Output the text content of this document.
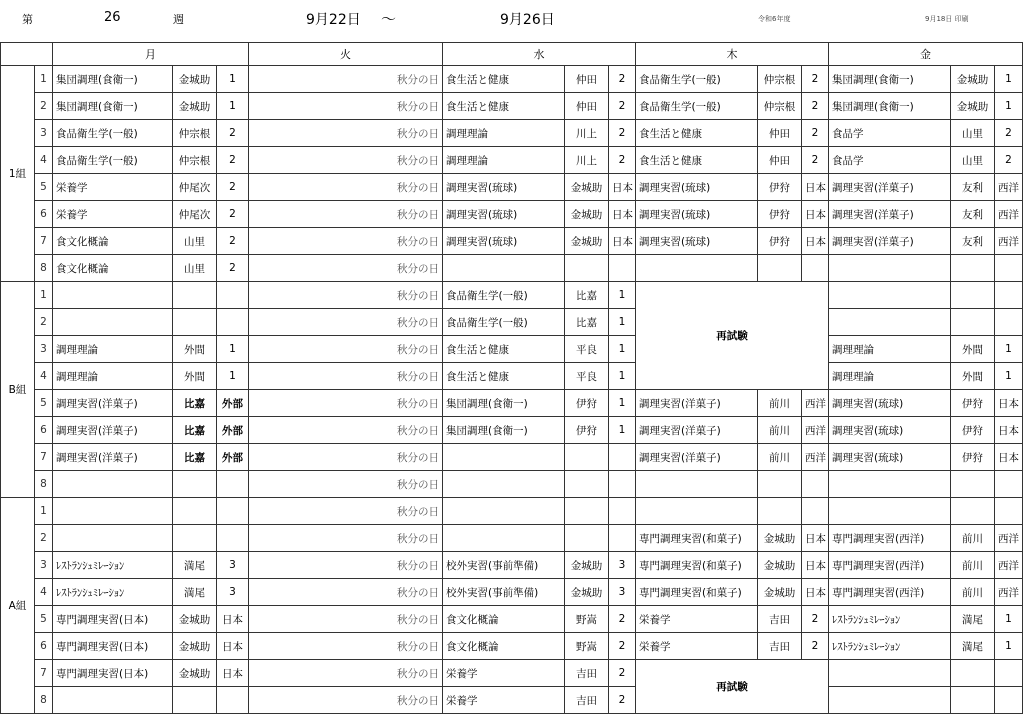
第	26	週	9月22日 ～	9月26日	令和6年度	9月18日 印刷
		月			火	水			木			金		
1組	1	集団調理(食衛一)	金城助	1	秋分の日	食生活と健康	仲田	2	食品衛生学(一般)	仲宗根	2	集団調理(食衛一)	金城助	1
	2	集団調理(食衛一)	金城助	1	秋分の日	食生活と健康	仲田	2	食品衛生学(一般)	仲宗根	2	集団調理(食衛一)	金城助	1
	3	食品衛生学(一般)	仲宗根	2	秋分の日	調理理論	川上	2	食生活と健康	仲田	2	食品学	山里	2
	4	食品衛生学(一般)	仲宗根	2	秋分の日	調理理論	川上	2	食生活と健康	仲田	2	食品学	山里	2
	5	栄養学	仲尾次	2	秋分の日	調理実習(琉球)	金城助	日本	調理実習(琉球)	伊狩	日本	調理実習(洋菓子)	友利	西洋
	6	栄養学	仲尾次	2	秋分の日	調理実習(琉球)	金城助	日本	調理実習(琉球)	伊狩	日本	調理実習(洋菓子)	友利	西洋
	7	食文化概論	山里	2	秋分の日	調理実習(琉球)	金城助	日本	調理実習(琉球)	伊狩	日本	調理実習(洋菓子)	友利	西洋
	8	食文化概論	山里	2	秋分の日									
B組	1				秋分の日	食品衛生学(一般)	比嘉	1	再試験					
	2				秋分の日	食品衛生学(一般)	比嘉	1						
	3	調理理論	外間	1	秋分の日	食生活と健康	平良	1				調理理論	外間	1
	4	調理理論	外間	1	秋分の日	食生活と健康	平良	1				調理理論	外間	1
	5	調理実習(洋菓子)	比嘉	外部	秋分の日	集団調理(食衛一)	伊狩	1	調理実習(洋菓子)	前川	西洋	調理実習(琉球)	伊狩	日本
	6	調理実習(洋菓子)	比嘉	外部	秋分の日	集団調理(食衛一)	伊狩	1	調理実習(洋菓子)	前川	西洋	調理実習(琉球)	伊狩	日本
	7	調理実習(洋菓子)	比嘉	外部	秋分の日				調理実習(洋菓子)	前川	西洋	調理実習(琉球)	伊狩	日本
	8				秋分の日									
A組	1				秋分の日									
	2				秋分の日				専門調理実習(和菓子)	金城助	日本	専門調理実習(西洋)	前川	西洋
	3	ﾚｽﾄﾗﾝｼｭﾐﾚｰｼｮﾝ	満尾	3	秋分の日	校外実習(事前準備)	金城助	3	専門調理実習(和菓子)	金城助	日本	専門調理実習(西洋)	前川	西洋
	4	ﾚｽﾄﾗﾝｼｭﾐﾚｰｼｮﾝ	満尾	3	秋分の日	校外実習(事前準備)	金城助	3	専門調理実習(和菓子)	金城助	日本	専門調理実習(西洋)	前川	西洋
	5	専門調理実習(日本)	金城助	日本	秋分の日	食文化概論	野嵩	2	栄養学	吉田	2	ﾚｽﾄﾗﾝｼｭﾐﾚｰｼｮﾝ	満尾	1
	6	専門調理実習(日本)	金城助	日本	秋分の日	食文化概論	野嵩	2	栄養学	吉田	2	ﾚｽﾄﾗﾝｼｭﾐﾚｰｼｮﾝ	満尾	1
	7	専門調理実習(日本)	金城助	日本	秋分の日	栄養学	吉田	2	再試験					
	8				秋分の日	栄養学	吉田	2						
